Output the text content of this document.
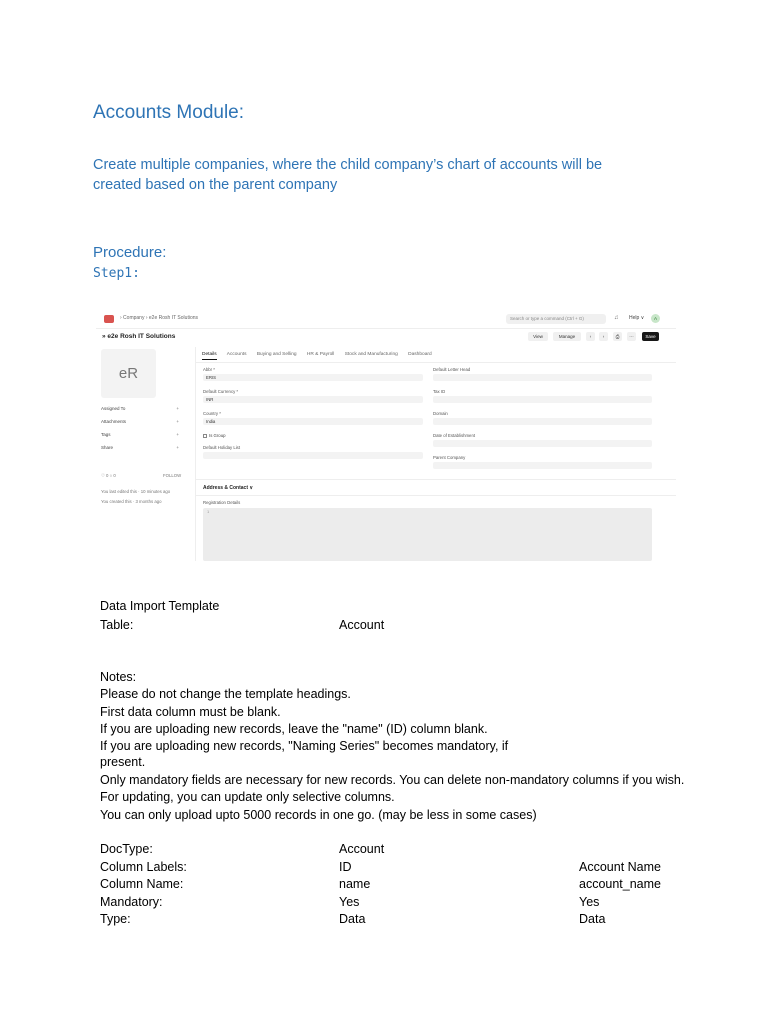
Accounts Module:
Create multiple companies, where the child company’s chart of accounts will be created based on the parent company
Procedure:
Step1:
› Company › e2e Rosh IT Solutions	Search or type a command (Ctrl + G)	♫ Help ∨	A
» e2e Rosh IT Solutions	View	Manage	‹	›	⎙	⋯	Save
eR
Assigned To	+
Attachments	+
Tags	+
Share	+
♡ 0 ○ 0	FOLLOW
You last edited this · 10 minutes ago
You created this · 3 months ago
Details Accounts Buying and Selling HR & Payroll Stock and Manufacturing Dashboard
Abbr *
ERIS
Default Currency *
INR
Country *
India
Is Group
Default Holiday List
Default Letter Head
Tax ID
Domain
Date of Establishment
Parent Company
Address & Contact ∨
Registration Details
1
Data Import Template
Table:	Account
Notes:
Please do not change the template headings.
First data column must be blank.
If you are uploading new records, leave the "name" (ID) column blank.
If you are uploading new records, "Naming Series" becomes mandatory, if
present.
Only mandatory fields are necessary for new records. You can delete non-mandatory columns if you wish.
For updating, you can update only selective columns.
You can only upload upto 5000 records in one go. (may be less in some cases)
DocType:	Account
Column Labels:	ID	Account Name
Column Name:	name	account_name
Mandatory:	Yes	Yes
Type:	Data	Data
